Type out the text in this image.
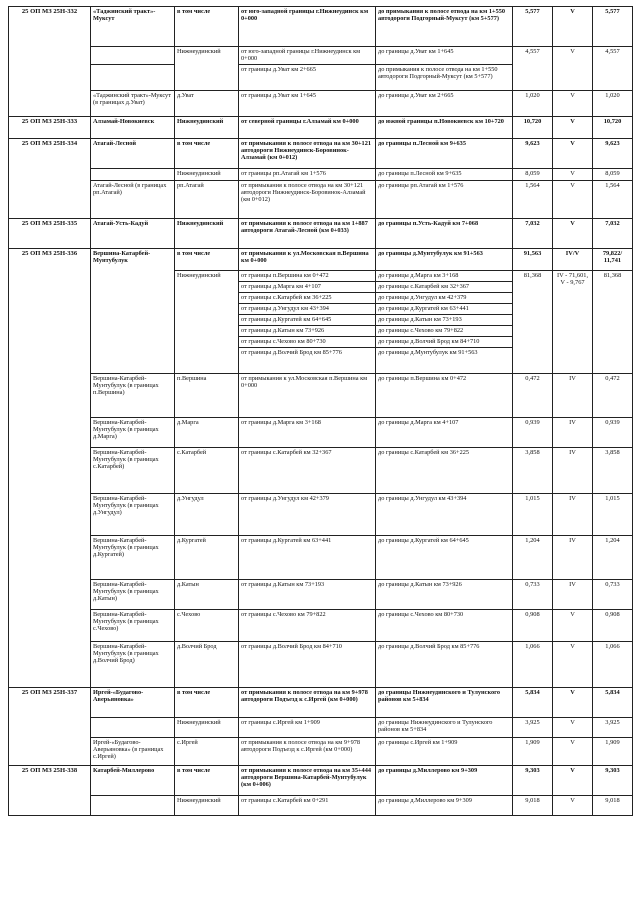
25 ОП МЗ 25Н-332	«Таджинский тракт»-Муксут	в том числе	от юго-западной границы г.Нижнеудинск км 0+000	до примыкания к полосе отвода на км 1+550 автодороги Подгорный-Муксут (км 5+577)	5,577	V	5,577
		Нижнеудинский	от юго-западной границы г.Нижнеудинск км 0+000	до границы д.Уват км 1+645	4,557	V	4,557
			от границы д.Уват км 2+665	до примыкания к полосе отвода на км 1+550 автодороги Подгорный-Муксут (км 5+577)			
	«Таджинский тракт»-Муксут (в границах д.Уват)	д.Уват	от границы д.Уват км 1+645	до границы д.Уват км 2+665	1,020	V	1,020
25 ОП МЗ 25Н-333	Алзамай-Новокиевск	Нижнеудинский	от северной границы г.Алзамай км 0+000	до южной границы п.Новокиевск км 10+720	10,720	V	10,720
25 ОП МЗ 25Н-334	Атагай-Лесной	в том числе	от примыкания к полосе отвода на км 30+121 автодороги Нижнеудинск-Боровинок-Алзамай (км 0+012)	до границы п.Лесной км 9+635	9,623	V	9,623
		Нижнеудинский	от границы рп.Атагай км 1+576	до границы п.Лесной км 9+635	8,059	V	8,059
	Атагай-Лесной (в границах рп.Атагай)	рп.Атагай	от примыкания к полосе отвода на км 30+121 автодороги Нижнеудинск-Боровинок-Алзамай (км 0+012)	до границы рп.Атагай км 1+576	1,564	V	1,564
25 ОП МЗ 25Н-335	Атагай-Усть-Кадуй	Нижнеудинский	от примыкания к полосе отвода на км 1+887 автодороги Атагай-Лесной (км 0+033)	до границы п.Усть-Кадуй км 7+068	7,032	V	7,032
25 ОП МЗ 25Н-336	Вершина-Катарбей-Мунтубулук	в том числе	от примыкания к ул.Московская п.Вершина км 0+000	до границы д.Мунтубулук км 91+563	91,563	IV/V	79,822/ 11,741
		Нижнеудинский	от границы п.Вершина км 0+472	до границы д.Марга км 3+168	81,368	IV - 71,601, V - 9,767	81,368
			от границы д.Марга км 4+107	до границы с.Катарбей км 32+367			
			от границы с.Катарбей км 36+225	до границы д.Унгудул км 42+379			
			от границы д.Унгудул км 43+394	до границы д.Кургатей км 63+441			
			от границы д.Кургатей км 64+645	до границы д.Катын км 73+193			
			от границы д.Катын км 73+926	до границы с.Чехово км 79+822			
			от границы с.Чехово км 80+730	до границы д.Волчий Брод км 84+710			
			от границы д.Волчий Брод км 85+776	до границы д.Мунтубулук км 91+563			
	Вершина-Катарбей-Мунтубулук (в границах п.Вершина)	п.Вершина	от примыкания к ул.Московская п.Вершина км 0+000	до границы п.Вершина км 0+472	0,472	IV	0,472
	Вершина-Катарбей-Мунтубулук (в границах д.Марга)	д.Марга	от границы д.Марга км 3+168	до границы д.Марга км 4+107	0,939	IV	0,939
	Вершина-Катарбей-Мунтубулук (в границах с.Катарбей)	с.Катарбей	от границы с.Катарбей км 32+367	до границы с.Катарбей км 36+225	3,858	IV	3,858
	Вершина-Катарбей-Мунтубулук (в границах д.Унгудул)	д.Унгудул	от границы д.Унгудул км 42+379	до границы д.Унгудул км 43+394	1,015	IV	1,015
	Вершина-Катарбей-Мунтубулук (в границах д.Кургатей)	д.Кургатей	от границы д.Кургатей км 63+441	до границы д.Кургатей км 64+645	1,204	IV	1,204
	Вершина-Катарбей-Мунтубулук (в границах д.Катын)	д.Катын	от границы д.Катын км 73+193	до границы д.Катын км 73+926	0,733	IV	0,733
	Вершина-Катарбей-Мунтубулук (в границах с.Чехово)	с.Чехово	от границы с.Чехово км 79+822	до границы с.Чехово км 80+730	0,908	V	0,908
	Вершина-Катарбей-Мунтубулук (в границах д.Волчий Брод)	д.Волчий Брод	от границы д.Волчий Брод км 84+710	до границы д.Волчий Брод км 85+776	1,066	V	1,066
25 ОП МЗ 25Н-337	Иргей-«Будагово-Аверьяновка»	в том числе	от примыкания к полосе отвода на км 9+978 автодороги Подъезд к с.Иргей (км 0+000)	до границы Нижнеудинского и Тулунского районов км 5+834	5,834	V	5,834
		Нижнеудинский	от границы с.Иргей км 1+909	до границы Нижнеудинского и Тулунского районов км 5+834	3,925	V	3,925
	Иргей-«Будагово-Аверьяновка» (в границах с.Иргей)	с.Иргей	от примыкания к полосе отвода на км 9+978 автодороги Подъезд к с.Иргей (км 0+000)	до границы с.Иргей км 1+909	1,909	V	1,909
25 ОП МЗ 25Н-338	Катарбей-Миллерово	в том числе	от примыкания к полосе отвода на км 35+444 автодороги Вершина-Катарбей-Мунтубулук (км 0+006)	до границы д.Миллерово км 9+309	9,303	V	9,303
		Нижнеудинский	от границы с.Катарбей км 0+291	до границы д.Миллерово км 9+309	9,018	V	9,018
